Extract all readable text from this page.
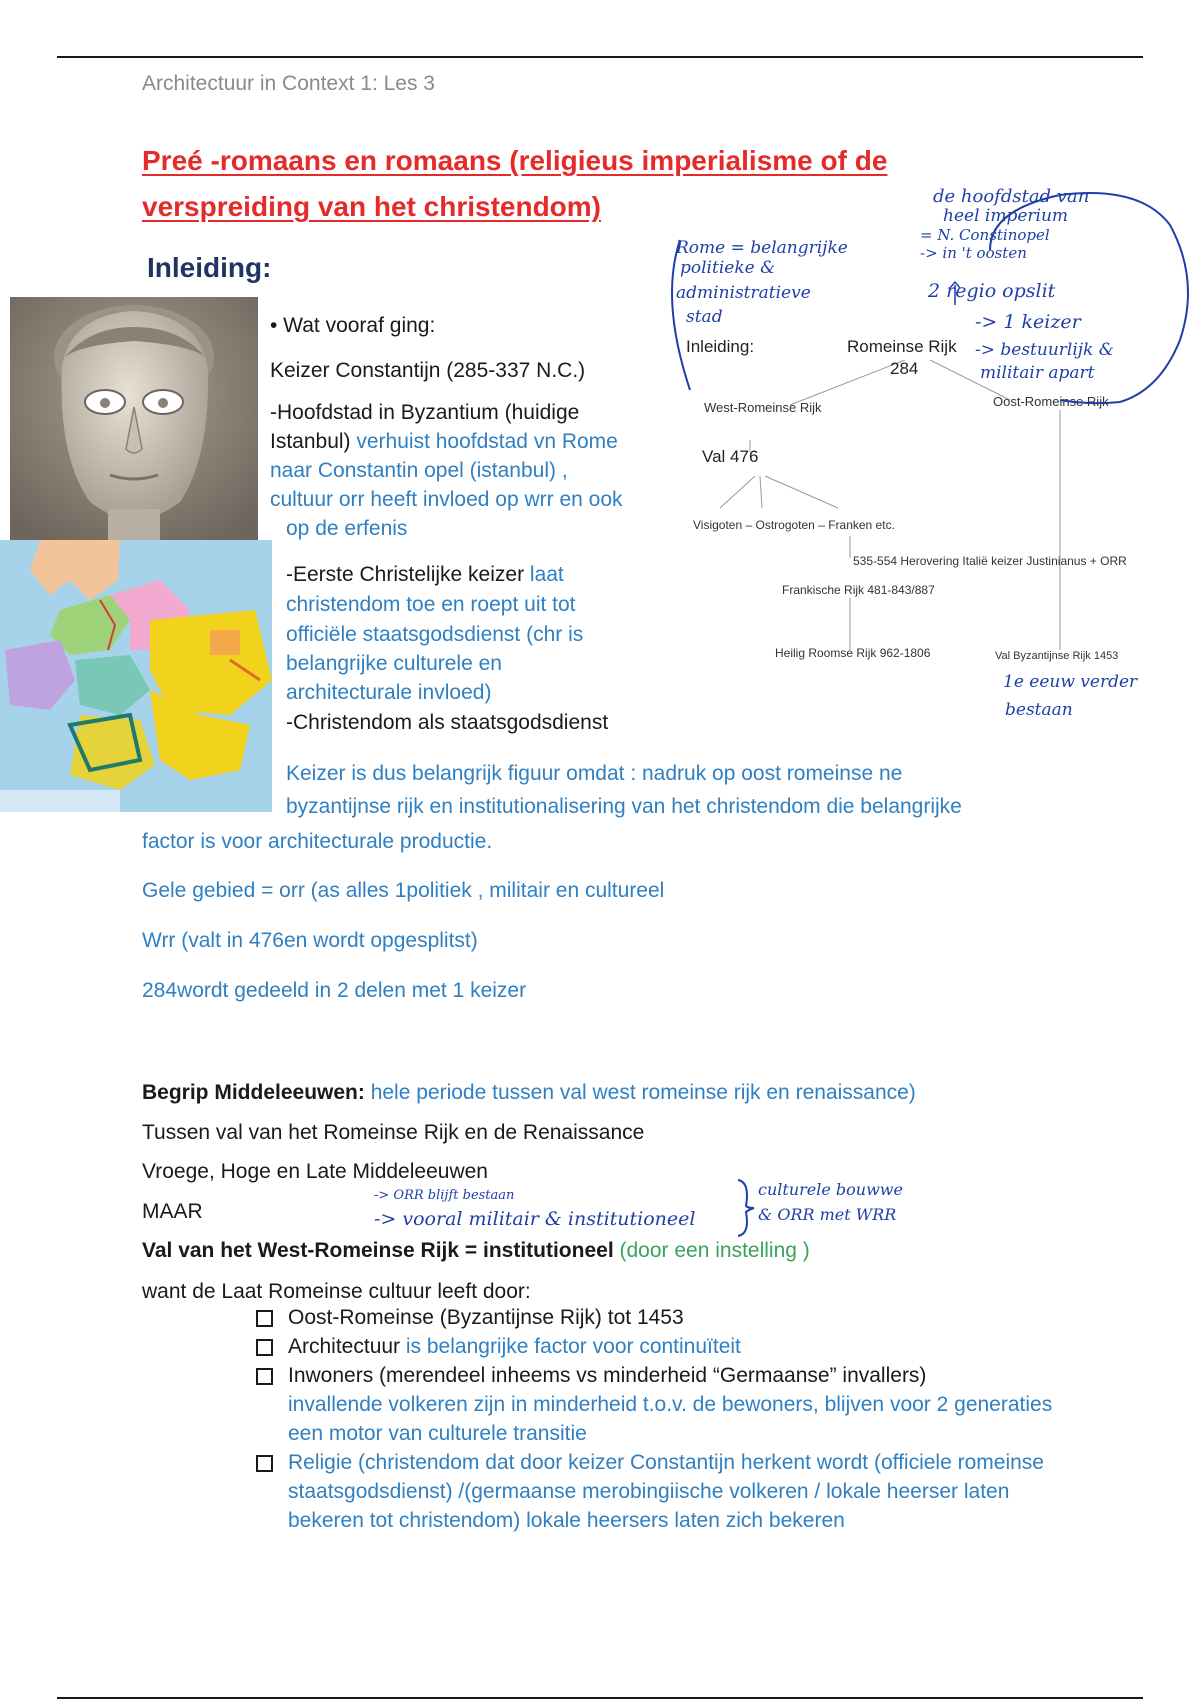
Architectuur in Context 1: Les 3
Preé -romaans en romaans (religieus imperialisme of de
verspreiding van het christendom)
Inleiding:
• Wat vooraf ging:
Keizer Constantijn (285-337 N.C.)
-Hoofdstad in Byzantium (huidige
Istanbul) verhuist hoofdstad vn Rome
naar Constantin opel (istanbul) ,
cultuur orr heeft invloed op wrr en ook
op de erfenis
-Eerste Christelijke keizer laat
christendom toe en roept uit tot
officiële staatsgodsdienst (chr is
belangrijke culturele en
architecturale invloed)
-Christendom als staatsgodsdienst
Inleiding:	Romeinse Rijk
284
West-Romeinse Rijk	Oost-Romeinse Rijk
Val 476
Visigoten – Ostrogoten – Franken etc.
535-554 Herovering Italië keizer Justinianus + ORR
Frankische Rijk 481-843/887
Heilig Roomse Rijk 962-1806	Val Byzantijnse Rijk 1453
Rome = belangrijke
politieke &
administratieve
stad
de hoofdstad van
heel imperium
= N. Constinopel
-> in 't oosten
2 regio opslit
-> 1 keizer
-> bestuurlijk &
militair apart
1e eeuw verder
bestaan
Keizer is dus belangrijk figuur omdat : nadruk op oost romeinse ne
byzantijnse rijk en institutionalisering van het christendom die belangrijke
factor is voor architecturale productie.
Gele gebied = orr (as alles 1politiek , militair en cultureel
Wrr (valt in 476en wordt opgesplitst)
284wordt gedeeld in 2 delen met 1 keizer
Begrip Middeleeuwen: hele periode tussen val west romeinse rijk en renaissance)
Tussen val van het Romeinse Rijk en de Renaissance
Vroege, Hoge en Late Middeleeuwen
MAAR
-> ORR blijft bestaan
-> vooral militair & institutioneel
culturele bouwwe
& ORR met WRR
Val van het West-Romeinse Rijk = institutioneel (door een instelling )
want de Laat Romeinse cultuur leeft door:
Oost-Romeinse (Byzantijnse Rijk) tot 1453
Architectuur is belangrijke factor voor continuïteit
Inwoners (merendeel inheems vs minderheid “Germaanse” invallers)
invallende volkeren zijn in minderheid t.o.v. de bewoners, blijven voor 2 generaties een motor van culturele transitie
Religie (christendom dat door keizer Constantijn herkent wordt (officiele romeinse staatsgodsdienst) /(germaanse merobingiische volkeren / lokale heerser laten bekeren tot christendom) lokale heersers laten zich bekeren
